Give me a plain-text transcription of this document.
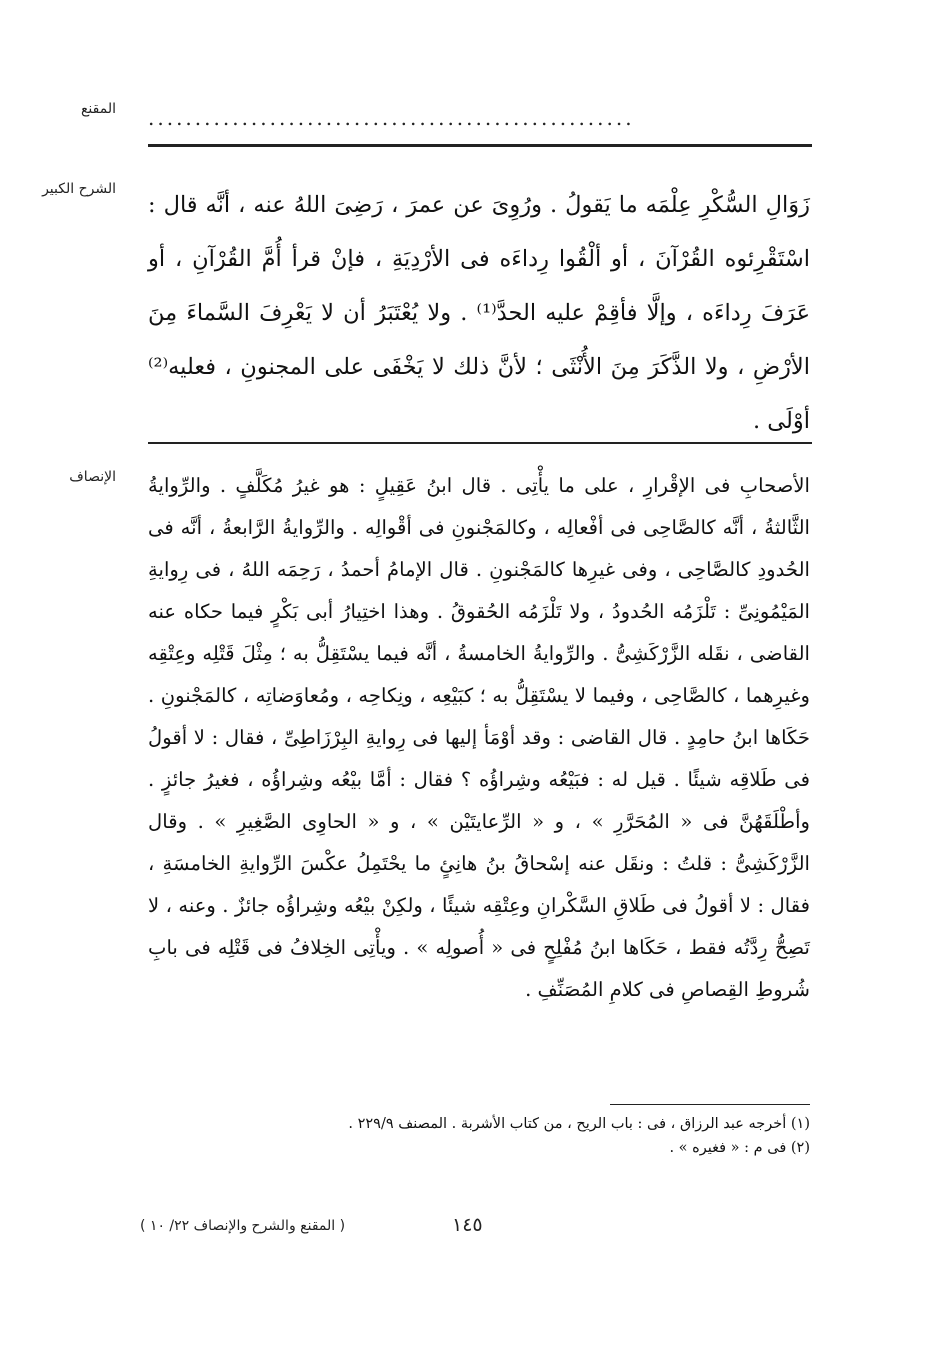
المقنع ....................................................
الشرح الكبير

زَوَالِ السُّكْرِ عِلْمَه ما يَقولُ . ورُوِىَ عن عمرَ ، رَضِىَ اللهُ عنه ، أنَّه قال : اسْتَقْرِئوه القُرْآنَ ، أو ألْقُوا رِداءَه فى الأرْدِيَةِ ، فإنْ قرأ أُمَّ القُرْآنِ ، أو عَرَفَ رِداءَه ، وإلَّا فأقِمْ عليه الحدَّ⁽¹⁾ . ولا يُعْتَبَرُ أن لا يَعْرِفَ السَّماءَ مِنَ الأرْضِ ، ولا الذَّكَرَ مِنَ الأُنْثَى ؛ لأنَّ ذلك لا يَخْفَى على المجنونِ ، فعليه⁽²⁾ أوْلَى .

الإنصاف الأصحابِ فى الإقْرارِ ، على ما يأْتِى . قال ابنُ عَقِيلٍ : هو غيرُ مُكَلَّفٍ . والرِّوايةُ الثَّالثةُ ، أنَّه كالصَّاحِى فى أفْعالِه ، وكالمَجْنونِ فى أقْوالِه . والرِّوايةُ الرَّابعةُ ، أنَّه فى الحُدودِ كالصَّاحِى ، وفى غيرِها كالمَجْنونِ . قال الإمامُ أحمدُ ، رَحِمَه اللهُ ، فى رِوايةِ المَيْمُونِىِّ : تَلْزَمُه الحُدودُ ، ولا تَلْزَمُه الحُقوقُ . وهذا اختِيارُ أبى بَكْرٍ فيما حكاه عنه القاضى ، نقَله الزَّرْكَشِىُّ . والرِّوايةُ الخامسةُ ، أنَّه فيما يسْتَقِلُّ به ؛ مِثْلَ قَتْلِه وعِتْقِه وغيرِهما ، كالصَّاحِى ، وفيما لا يسْتَقِلُّ به ؛ كبَيْعِه ، ونِكاحِه ، ومُعاوَضاتِه ، كالمَجْنونِ . حَكَاها ابنُ حامِدٍ . قال القاضى : وقد أوْمَأ إليها فى رِوايةِ البِرْزَاطِىِّ ، فقال : لا أقولُ فى طَلاقِه شيئًا . قيل له : فبَيْعُه وشِراؤُه ؟ فقال : أمَّا بيْعُه وشِراؤُه ، فغيرُ جائزٍ . وأطْلَقَهُنَّ فى « المُحَرَّرِ » ، و « الرِّعايتَيْن » ، و « الحاوِى الصَّغِيرِ » . وقال الزَّرْكَشِىُّ : قلتُ : ونقَل عنه إسْحاقُ بنُ هانِئٍ ما يحْتَمِلُ عكْسَ الرِّوايةِ الخامسَةِ ، فقال : لا أقولُ فى طَلاقِ السَّكْرانِ وعِتْقِه شيئًا ، ولكِنْ بيْعُه وشِراؤُه جائزٌ . وعنه ، لا تَصِحُّ رِدَّتُه فقط ، حَكَاها ابنُ مُفْلِحٍ فى « أُصولِه » . ويأْتِى الخِلافُ فى قَتْلِه فى بابِ شُروطِ القِصاصِ فى كلامِ المُصَنِّفِ .

(١) أخرجه عبد الرزاق ، فى : باب الريح ، من كتاب الأشربة . المصنف ٢٢٩/٩ .

(٢) فى م : « فغيره » .

( المقنع والشرح والإنصاف ٢٢/ ١٠ )	١٤٥
